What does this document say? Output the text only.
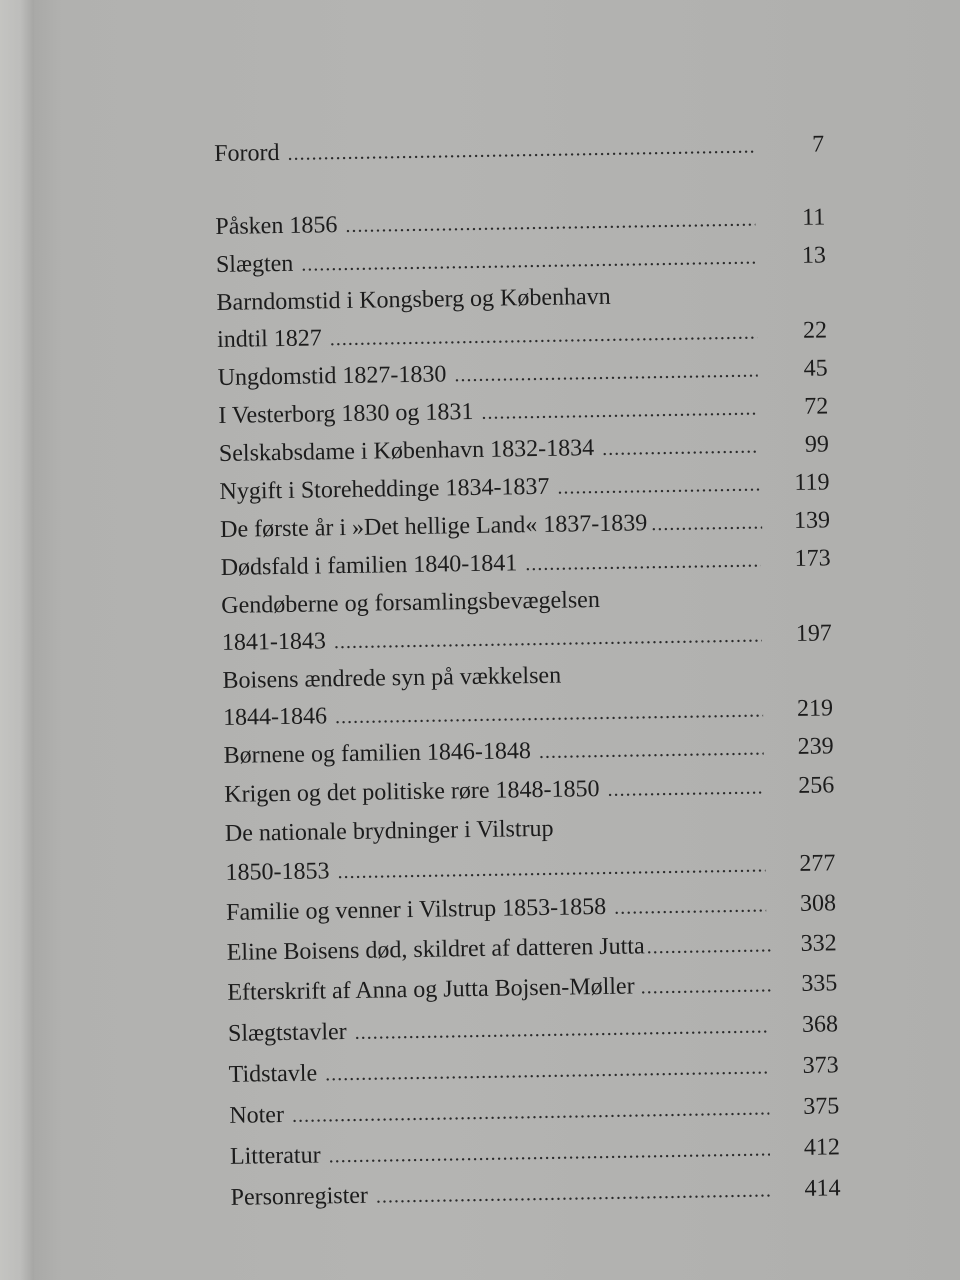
Forord .....	7
Påsken 1856 .....	11
Slægten .....	13
Barndomstid i Kongsberg og København
indtil 1827 .....	22
Ungdomstid 1827-1830 .....	45
I Vesterborg 1830 og 1831 .....	72
Selskabsdame i København 1832-1834 .....	99
Nygift i Storeheddinge 1834-1837 .....	119
De første år i »Det hellige Land« 1837-1839 .....	139
Dødsfald i familien 1840-1841 .....	173
Gendøberne og forsamlingsbevægelsen
1841-1843 .....	197
Boisens ændrede syn på vækkelsen
1844-1846 .....	219
Børnene og familien 1846-1848 .....	239
Krigen og det politiske røre 1848-1850 .....	256
De nationale brydninger i Vilstrup
1850-1853 .....	277
Familie og venner i Vilstrup 1853-1858 .....	308
Eline Boisens død, skildret af datteren Jutta .....	332
Efterskrift af Anna og Jutta Bojsen-Møller .....	335
Slægtstavler .....	368
Tidstavle .....	373
Noter .....	375
Litteratur .....	412
Personregister .....	414
